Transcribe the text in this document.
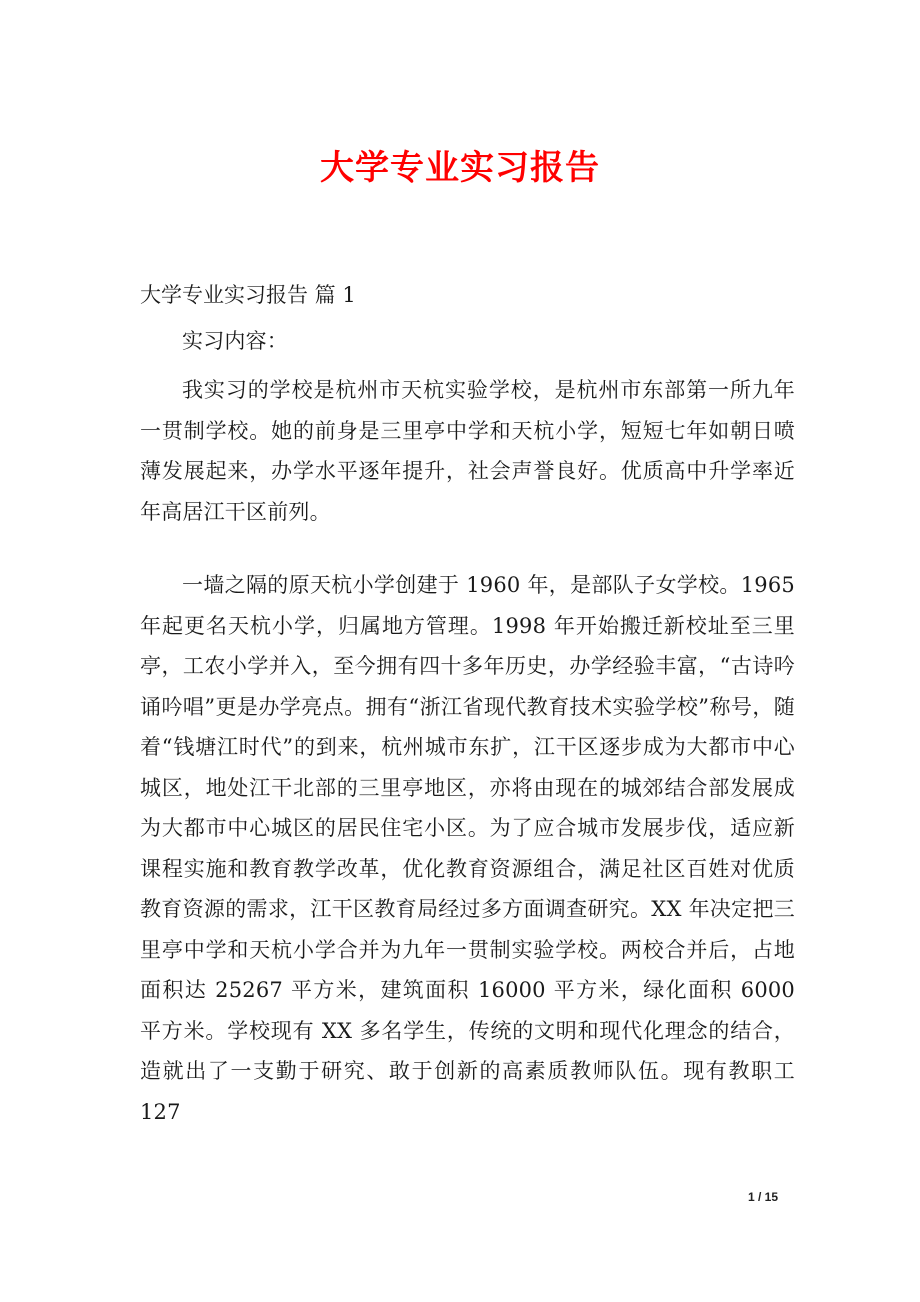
大学专业实习报告

大学专业实习报告 篇 1

实习内容：

我实习的学校是杭州市天杭实验学校，是杭州市东部第一所九年一贯制学校。她的前身是三里亭中学和天杭小学，短短七年如朝日喷薄发展起来，办学水平逐年提升，社会声誉良好。优质高中升学率近年高居江干区前列。

一墙之隔的原天杭小学创建于 1960 年，是部队子女学校。1965 年起更名天杭小学，归属地方管理。1998 年开始搬迁新校址至三里亭，工农小学并入，至今拥有四十多年历史，办学经验丰富，“古诗吟诵吟唱”更是办学亮点。拥有“浙江省现代教育技术实验学校”称号，随着“钱塘江时代”的到来，杭州城市东扩，江干区逐步成为大都市中心城区，地处江干北部的三里亭地区，亦将由现在的城郊结合部发展成为大都市中心城区的居民住宅小区。为了应合城市发展步伐，适应新课程实施和教育教学改革，优化教育资源组合，满足社区百姓对优质教育资源的需求，江干区教育局经过多方面调查研究。XX 年决定把三里亭中学和天杭小学合并为九年一贯制实验学校。两校合并后，占地面积达 25267 平方米，建筑面积 16000 平方米，绿化面积 6000 平方米。学校现有 XX 多名学生，传统的文明和现代化理念的结合，造就出了一支勤于研究、敢于创新的高素质教师队伍。现有教职工 127

1 / 15
